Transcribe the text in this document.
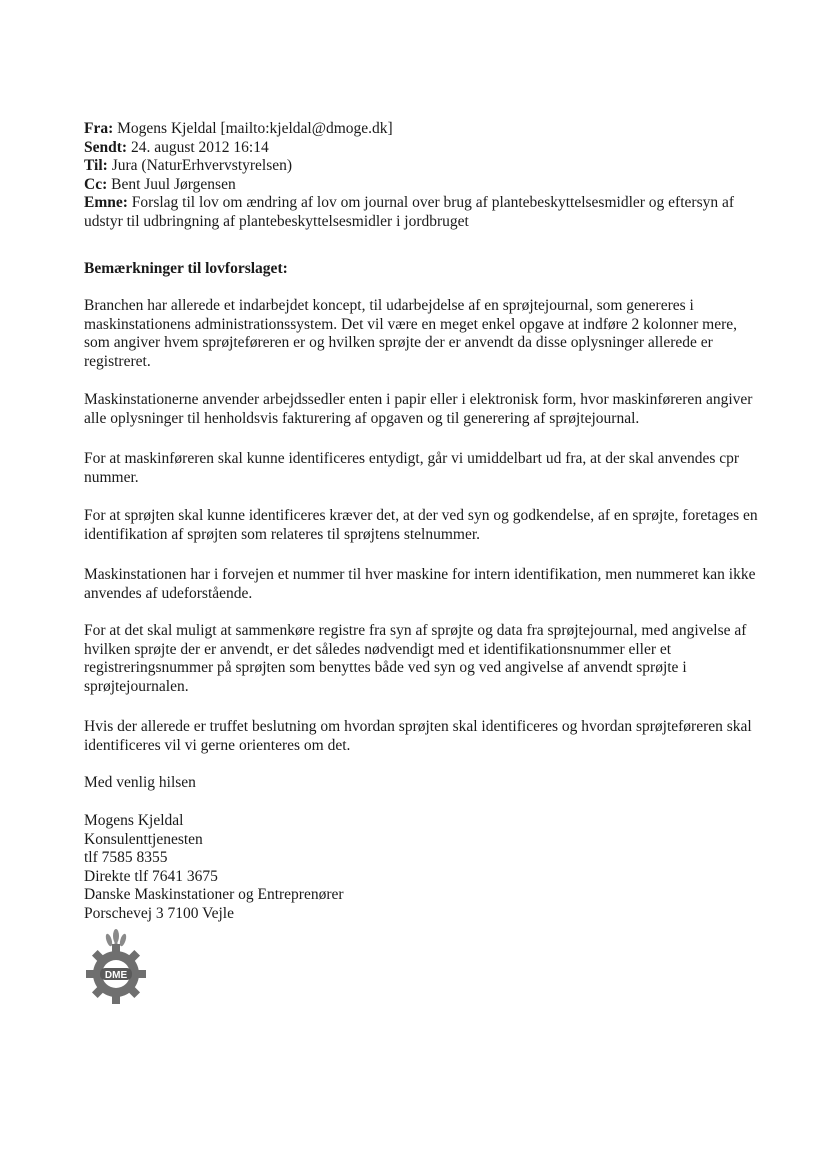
Fra: Mogens Kjeldal [mailto:kjeldal@dmoge.dk]
Sendt: 24. august 2012 16:14
Til: Jura (NaturErhvervstyrelsen)
Cc: Bent Juul Jørgensen
Emne: Forslag til lov om ændring af lov om journal over brug af plantebeskyttelsesmidler og eftersyn af udstyr til udbringning af plantebeskyttelsesmidler i jordbruget
Bemærkninger til lovforslaget:
Branchen har allerede et indarbejdet koncept, til udarbejdelse af en sprøjtejournal, som genereres i maskinstationens administrationssystem. Det vil være en meget enkel opgave at indføre 2 kolonner mere, som angiver hvem sprøjteføreren er og hvilken sprøjte der er anvendt da disse oplysninger allerede er registreret.
Maskinstationerne anvender arbejdssedler enten i papir eller i elektronisk form, hvor maskinføreren angiver alle oplysninger til henholdsvis fakturering af opgaven og til generering af sprøjtejournal.
For at maskinføreren skal kunne identificeres entydigt, går vi umiddelbart ud fra, at der skal anvendes cpr nummer.
For at sprøjten skal kunne identificeres kræver det, at der ved syn og godkendelse, af en sprøjte, foretages en identifikation af sprøjten som relateres til sprøjtens stelnummer.
Maskinstationen har i forvejen et nummer til hver maskine for intern identifikation, men nummeret kan ikke anvendes af udeforstående.
For at det skal muligt at sammenkøre registre fra syn af sprøjte og data fra sprøjtejournal, med angivelse af hvilken sprøjte der er anvendt, er det således nødvendigt med et identifikationsnummer eller et registreringsnummer på sprøjten som benyttes både ved syn og ved angivelse af anvendt sprøjte i sprøjtejournalen.
Hvis der allerede er truffet beslutning om hvordan sprøjten skal identificeres og hvordan sprøjteføreren skal identificeres vil vi gerne orienteres om det.
Med venlig hilsen
Mogens Kjeldal
Konsulenttjenesten
tlf 7585 8355
Direkte tlf 7641 3675
Danske Maskinstationer og Entreprenører
Porschevej 3 7100 Vejle
DME
